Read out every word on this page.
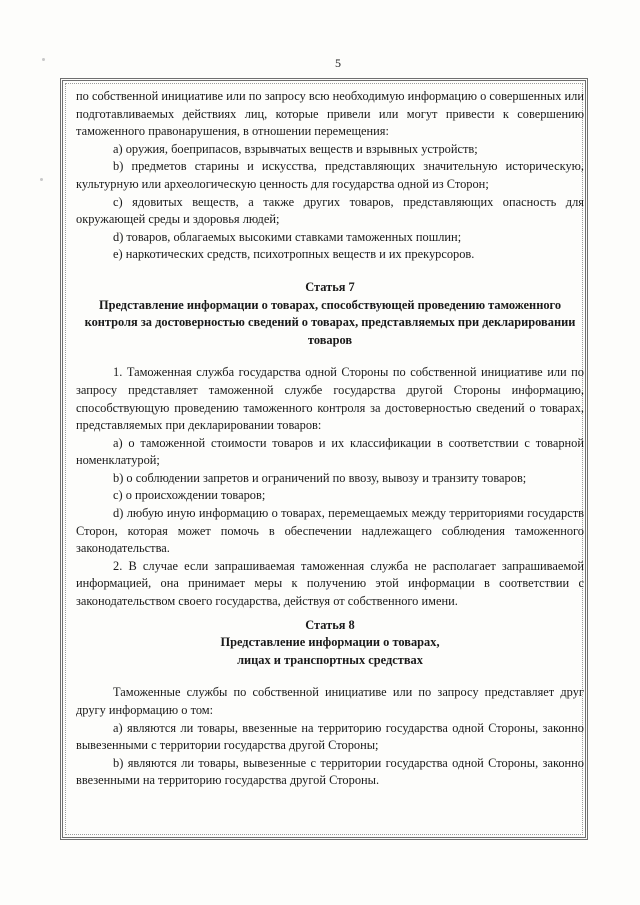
5

по собственной инициативе или по запросу всю необходимую информацию о совершенных или подготавливаемых действиях лиц, которые привели или могут привести к совершению таможенного правонарушения, в отношении перемещения:

а) оружия, боеприпасов, взрывчатых веществ и взрывных устройств;

b) предметов старины и искусства, представляющих значительную историческую, культурную или археологическую ценность для государства одной из Сторон;

с) ядовитых веществ, а также других товаров, представляющих опасность для окружающей среды и здоровья людей;

d) товаров, облагаемых высокими ставками таможенных пошлин;

е) наркотических средств, психотропных веществ и их прекурсоров.

Статья 7

Представление информации о товарах, способствующей проведению таможенного контроля за достоверностью сведений о товарах, представляемых при декларировании товаров

1. Таможенная служба государства одной Стороны по собственной инициативе или по запросу представляет таможенной службе государства другой Стороны информацию, способствующую проведению таможенного контроля за достоверностью сведений о товарах, представляемых при декларировании товаров:

а) о таможенной стоимости товаров и их классификации в соответствии с товарной номенклатурой;

b) о соблюдении запретов и ограничений по ввозу, вывозу и транзиту товаров;

с) о происхождении товаров;

d) любую иную информацию о товарах, перемещаемых между территориями государств Сторон, которая может помочь в обеспечении надлежащего соблюдения таможенного законодательства.

2. В случае если запрашиваемая таможенная служба не располагает запрашиваемой информацией, она принимает меры к получению этой информации в соответствии с законодательством своего государства, действуя от собственного имени.

Статья 8

Представление информации о товарах,

лицах и транспортных средствах

Таможенные службы по собственной инициативе или по запросу представляет друг другу информацию о том:

а) являются ли товары, ввезенные на территорию государства одной Стороны, законно вывезенными с территории государства другой Стороны;

b) являются ли товары, вывезенные с территории государства одной Стороны, законно ввезенными на территорию государства другой Стороны.
